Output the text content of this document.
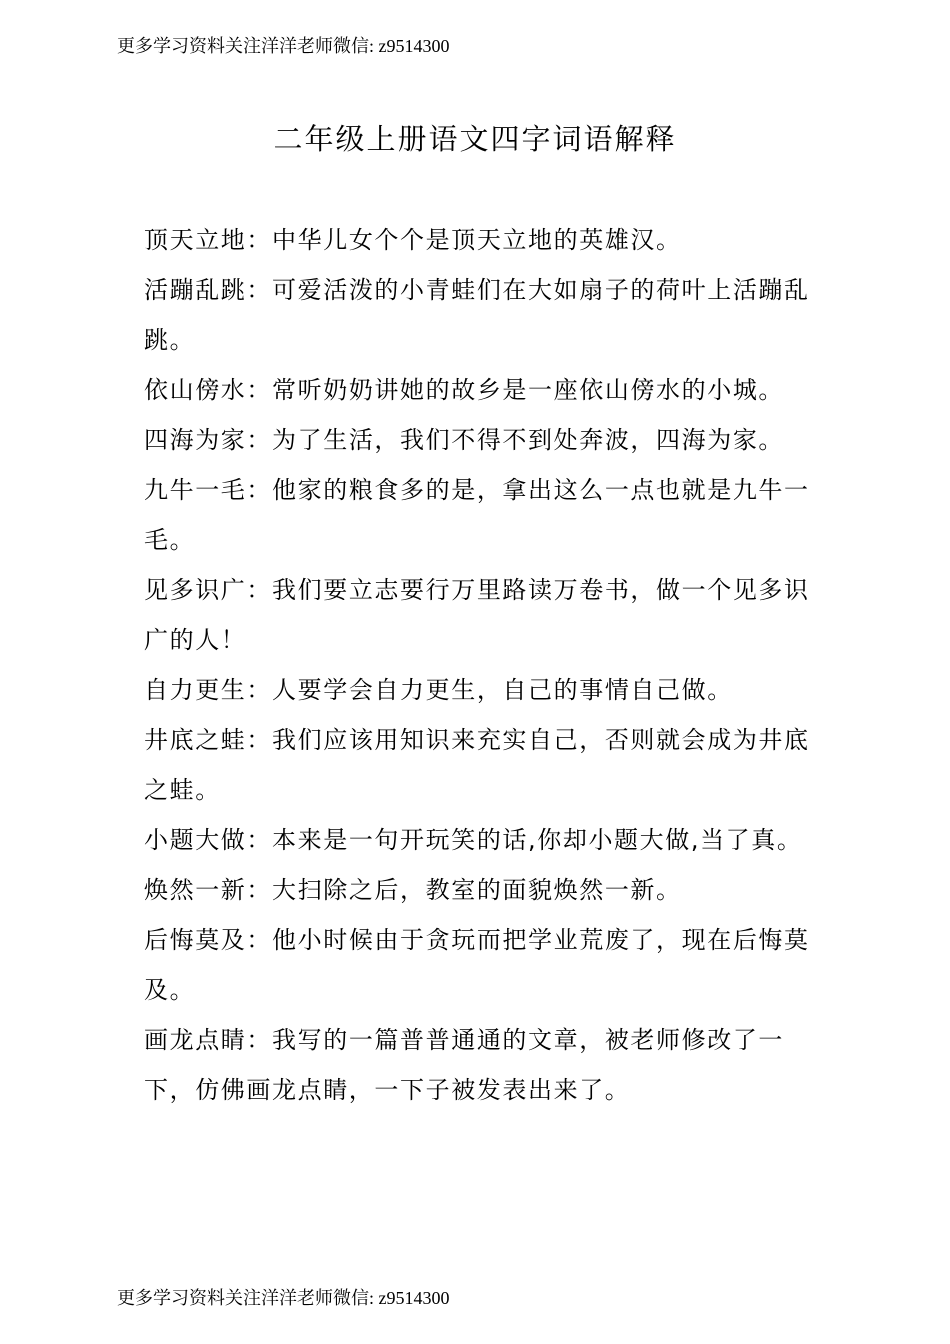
更多学习资料关注洋洋老师微信: z9514300
二年级上册语文四字词语解释

顶天立地：中华儿女个个是顶天立地的英雄汉。

活蹦乱跳：可爱活泼的小青蛙们在大如扇子的荷叶上活蹦乱跳。

依山傍水：常听奶奶讲她的故乡是一座依山傍水的小城。

四海为家：为了生活，我们不得不到处奔波，四海为家。

九牛一毛：他家的粮食多的是，拿出这么一点也就是九牛一毛。

见多识广：我们要立志要行万里路读万卷书，做一个见多识广的人！

自力更生：人要学会自力更生，自己的事情自己做。

井底之蛙：我们应该用知识来充实自己，否则就会成为井底之蛙。

小题大做：本来是一句开玩笑的话,你却小题大做,当了真。

焕然一新：大扫除之后，教室的面貌焕然一新。

后悔莫及：他小时候由于贪玩而把学业荒废了，现在后悔莫及。

画龙点睛：我写的一篇普普通通的文章，被老师修改了一下，仿佛画龙点睛，一下子被发表出来了。

更多学习资料关注洋洋老师微信: z9514300
